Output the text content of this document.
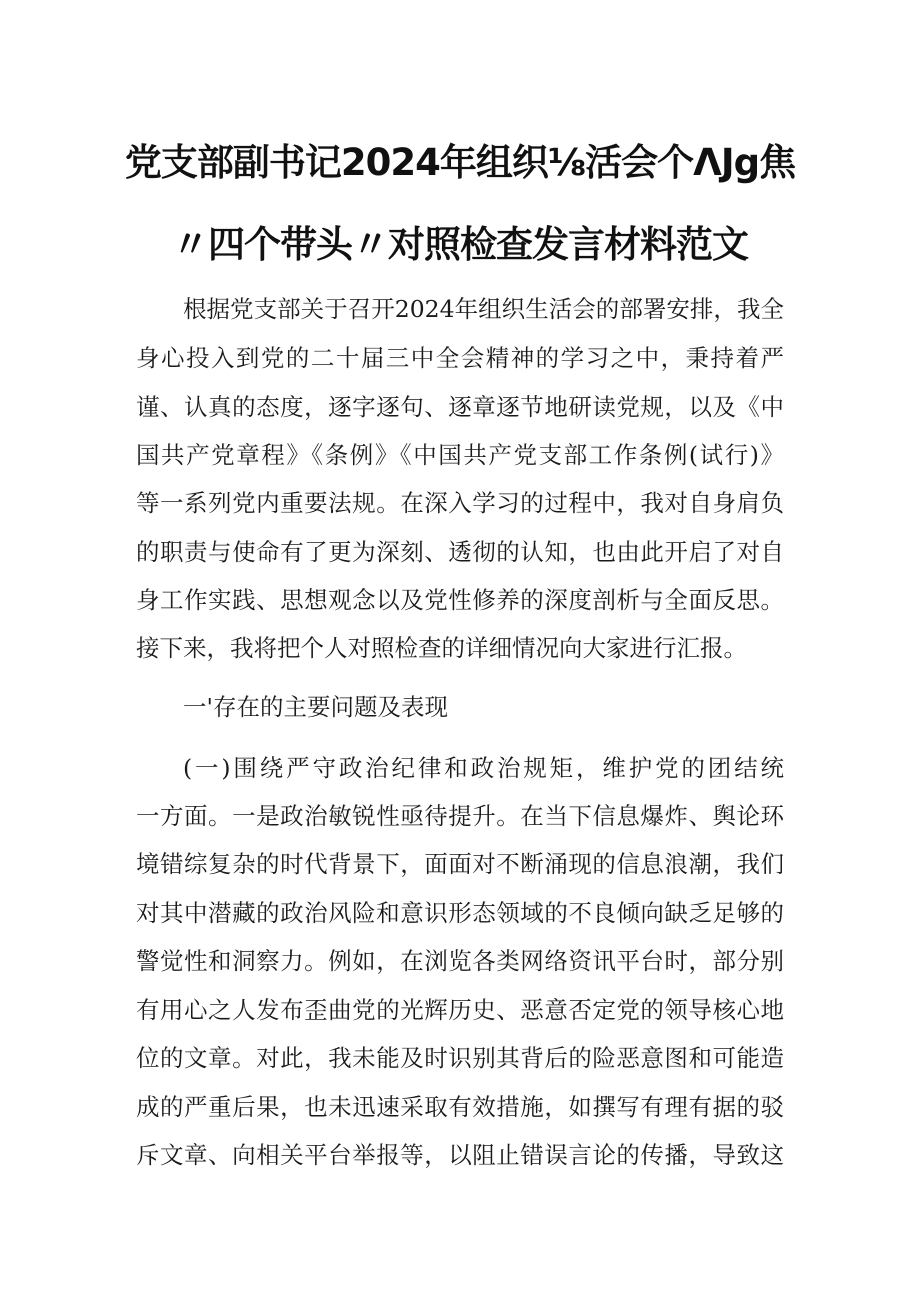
党支部副书记2024年组织⅛活会个ΛJg焦
〃四个带头〃对照检查发言材料范文
根据党支部关于召开2024年组织生活会的部署安排，我全
身心投入到党的二十届三中全会精神的学习之中，秉持着严
谨、认真的态度，逐字逐句、逐章逐节地研读党规，以及《中
国共产党章程》《条例》《中国共产党支部工作条例(试行)》
等一系列党内重要法规。在深入学习的过程中，我对自身肩负
的职责与使命有了更为深刻、透彻的认知，也由此开启了对自
身工作实践、思想观念以及党性修养的深度剖析与全面反思。
接下来，我将把个人对照检查的详细情况向大家进行汇报。
一'存在的主要问题及表现
(一)围绕严守政治纪律和政治规矩，维护党的团结统
一方面。一是政治敏锐性亟待提升。在当下信息爆炸、舆论环
境错综复杂的时代背景下，面面对不断涌现的信息浪潮，我们
对其中潜藏的政治风险和意识形态领域的不良倾向缺乏足够的
警觉性和洞察力。例如，在浏览各类网络资讯平台时，部分别
有用心之人发布歪曲党的光辉历史、恶意否定党的领导核心地
位的文章。对此，我未能及时识别其背后的险恶意图和可能造
成的严重后果，也未迅速采取有效措施，如撰写有理有据的驳
斥文章、向相关平台举报等，以阻止错误言论的传播，导致这
